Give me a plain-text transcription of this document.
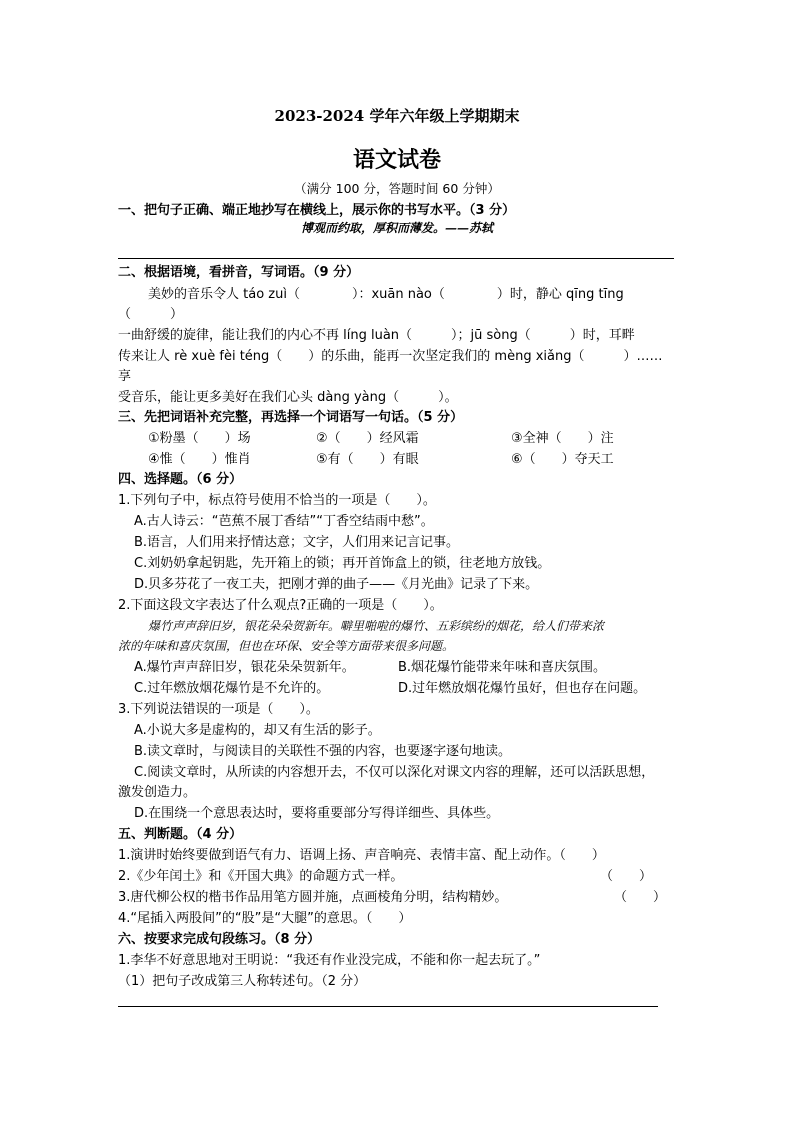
2023-2024 学年六年级上学期期末
语文试卷
（满分 100 分，答题时间 60 分钟）
一、把句子正确、端正地抄写在横线上，展示你的书写水平。（3 分）
博观而约取，厚积而薄发。——苏轼
二、根据语境，看拼音，写词语。（9 分）
美妙的音乐令人 táo zuì（　　　　）：xuān nào（　　　　）时，静心 qīng tīng
（　　　）
一曲舒缓的旋律，能让我们的内心不再 líng luàn（　　　）；jū sòng（　　　）时，耳畔
传来让人 rè xuè fèi téng（　　）的乐曲，能再一次坚定我们的 mèng xiǎng（　　　）……
享
受音乐，能让更多美好在我们心头 dàng yàng（　　　）。
三、先把词语补充完整，再选择一个词语写一句话。（5 分）
①粉墨（　　）场	②（　　）经风霜	③全神（　　）注
④惟（　　）惟肖	⑤有（　　）有眼	⑥（　　）夺天工
四、选择题。（6 分）
1.下列句子中，标点符号使用不恰当的一项是（　　）。
A.古人诗云：“芭蕉不展丁香结”“丁香空结雨中愁”。
B.语言，人们用来抒情达意；文字，人们用来记言记事。
C.刘奶奶拿起钥匙，先开箱上的锁；再开首饰盒上的锁，往老地方放钱。
D.贝多芬花了一夜工夫，把刚才弹的曲子——《月光曲》记录了下来。
2.下面这段文字表达了什么观点?正确的一项是（　　）。
爆竹声声辞旧岁，银花朵朵贺新年。噼里啪啦的爆竹、五彩缤纷的烟花，给人们带来浓
浓的年味和喜庆氛围，但也在环保、安全等方面带来很多问题。
A.爆竹声声辞旧岁，银花朵朵贺新年。	B.烟花爆竹能带来年味和喜庆氛围。
C.过年燃放烟花爆竹是不允许的。	D.过年燃放烟花爆竹虽好，但也存在问题。
3.下列说法错误的一项是（　　）。
A.小说大多是虚构的，却又有生活的影子。
B.读文章时，与阅读目的关联性不强的内容，也要逐字逐句地读。
C.阅读文章时，从所读的内容想开去，不仅可以深化对课文内容的理解，还可以活跃思想，
激发创造力。
D.在围绕一个意思表达时，要将重要部分写得详细些、具体些。
五、判断题。（4 分）
1.演讲时始终要做到语气有力、语调上扬、声音响亮、表情丰富、配上动作。（　　）
2.《少年闰土》和《开国大典》的命题方式一样。	（　　）
3.唐代柳公权的楷书作品用笔方圆并施，点画棱角分明，结构精妙。	（　　）
4.“尾插入两股间”的“股”是“大腿”的意思。（　　）
六、按要求完成句段练习。（8 分）
1.李华不好意思地对王明说：“我还有作业没完成，不能和你一起去玩了。”
（1）把句子改成第三人称转述句。（2 分）
